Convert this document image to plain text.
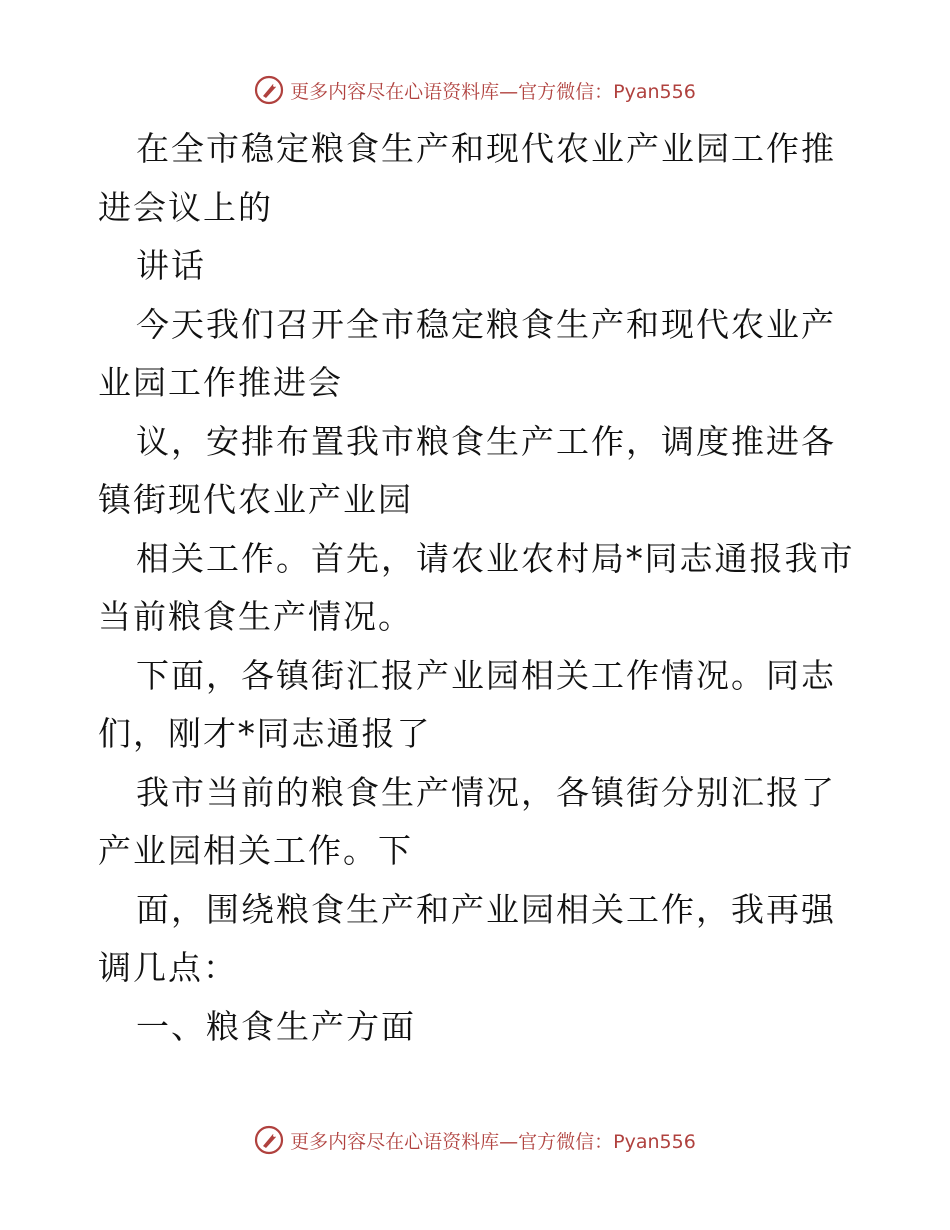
更多内容尽在心语资料库—官方微信：Pyan556

在全市稳定粮食生产和现代农业产业园工作推进会议上的

讲话

今天我们召开全市稳定粮食生产和现代农业产业园工作推进会

议，安排布置我市粮食生产工作，调度推进各镇街现代农业产业园

相关工作。首先，请农业农村局*同志通报我市当前粮食生产情况。

下面，各镇街汇报产业园相关工作情况。同志们，刚才*同志通报了

我市当前的粮食生产情况，各镇街分别汇报了产业园相关工作。下

面，围绕粮食生产和产业园相关工作，我再强调几点：

一、粮食生产方面

更多内容尽在心语资料库—官方微信：Pyan556
